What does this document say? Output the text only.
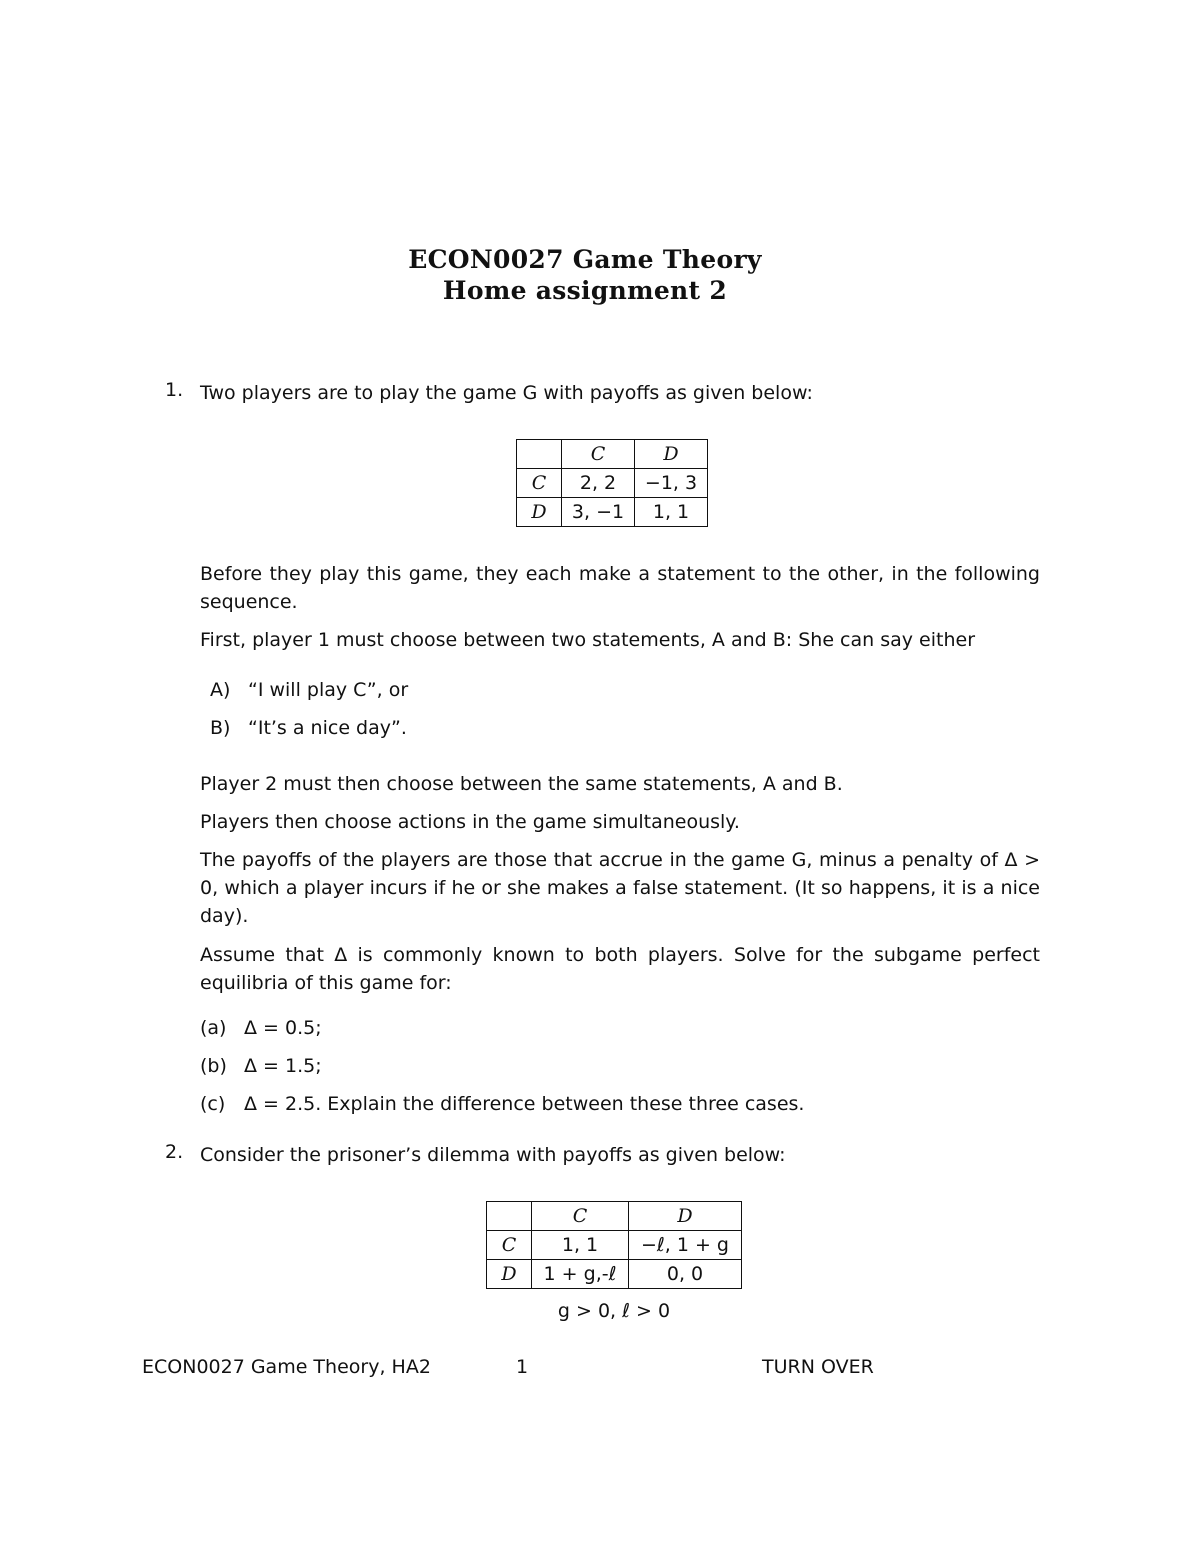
ECON0027 Game Theory
Home assignment 2
1. Two players are to play the game G with payoffs as given below:
	C	D
C	2, 2	−1, 3
D	3, −1	1, 1
Before they play this game, they each make a statement to the other, in the following sequence.
First, player 1 must choose between two statements, A and B: She can say either
A) “I will play C”, or
B) “It’s a nice day”.
Player 2 must then choose between the same statements, A and B.
Players then choose actions in the game simultaneously.
The payoffs of the players are those that accrue in the game G, minus a penalty of Δ > 0, which a player incurs if he or she makes a false statement. (It so happens, it is a nice day).
Assume that Δ is commonly known to both players. Solve for the subgame perfect equilibria of this game for:
(a) Δ = 0.5;
(b) Δ = 1.5;
(c) Δ = 2.5. Explain the difference between these three cases.
2. Consider the prisoner’s dilemma with payoffs as given below:
	C	D
C	1, 1	−ℓ, 1 + g
D	1 + g,-ℓ	0, 0
g > 0, ℓ > 0
ECON0027 Game Theory, HA2	1	TURN OVER
